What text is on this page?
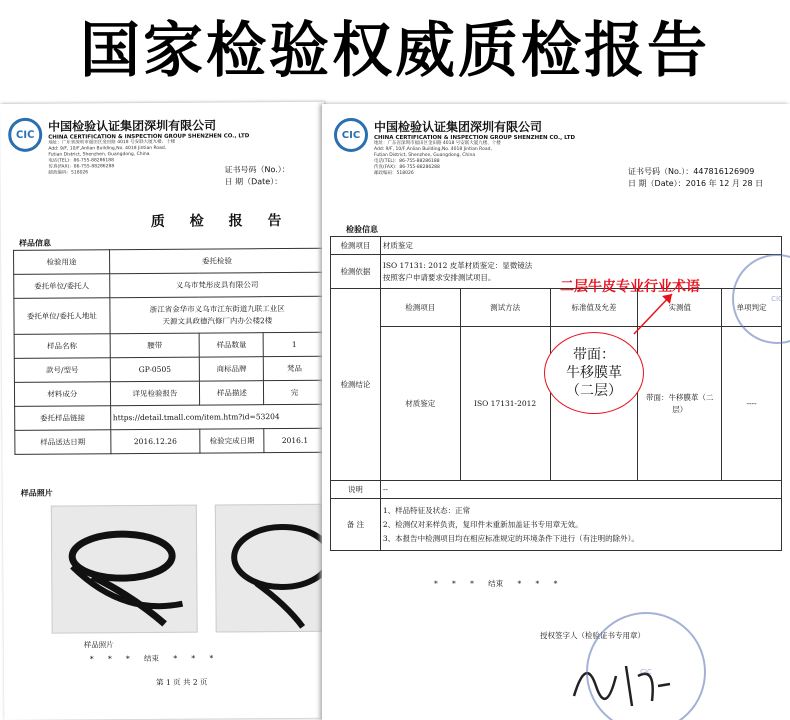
国家检验权威质检报告
CIC
中国检验认证集团深圳有限公司
CHINA CERTIFICATION & INSPECTION GROUP SHENZHEN CO., LTD
地址：广东省深圳市福田区金田路 4018 号安联大厦九楼、十楼
Add: 9/F, 10/F,Anlian Building,No. 4018 Jintian Road,
Futian District, Shenzhen, Guangdong, China
电话(TEL)：86-755-88286188
传真(FAX)：86-755-88286288
邮政编码：518026	证书号码（No.）：
日 期（Date）：
质 检 报 告
样品信息
检验用途	委托检验		
委托单位/委托人	义乌市梵彤皮具有限公司		
委托单位/委托人地址	浙江省金华市义乌市江东街道九联工业区
天源文具政德汽修厂内办公楼2楼		

样品名称	腰带	样品数量	1
款号/型号	GP-0505	商标品牌	梵品
材料成分	详见检验报告	样品描述	完
委托样品链接	https://detail.tmall.com/item.htm?id=53204		
样品送达日期	2016.12.26	检验完成日期	2016.1
样品照片
样品照片
*      *      *      结束      *      *      *
第 1 页 共 2 页
CIC
中国检验认证集团深圳有限公司
CHINA CERTIFICATION & INSPECTION GROUP SHENZHEN CO., LTD
地址：广东省深圳市福田区金田路 4018 号安联大厦九楼、十楼
Add: 9/F, 10/F,Anlian Building,No. 4018 Jintian Road,
Futian District, Shenzhen, Guangdong, China
电话(TEL)：86-755-88286188
传真(FAX)：86-755-88286288
邮政编码：518026	证书号码（No.）：447816126909
日 期（Date）：2016 年 12 月 28 日
检验信息
检测项目	材质鉴定				
检测依据	ISO 17131: 2012 皮革材质鉴定：显微镜法
按照客户申请要求安排测试项目。				

检测结论	检测项目	测试方法	标准值及允差	实测值	单项判定
	材质鉴定	ISO 17131-2012		带面：牛移膜革（二层）	----
说明	--				
备 注	1、样品特征及状态：正常
2、检测仅对来样负责，复印件未重新加盖证书专用章无效。
3、本报告中检测项目均在相应标准规定的环境条件下进行（有注明的除外）。				
*      *      *      结束      *      *      *
授权签字人（检验证书专用章）
CIC
CIC
二层牛皮专业行业术语
带面：
牛移膜革
（二层）
